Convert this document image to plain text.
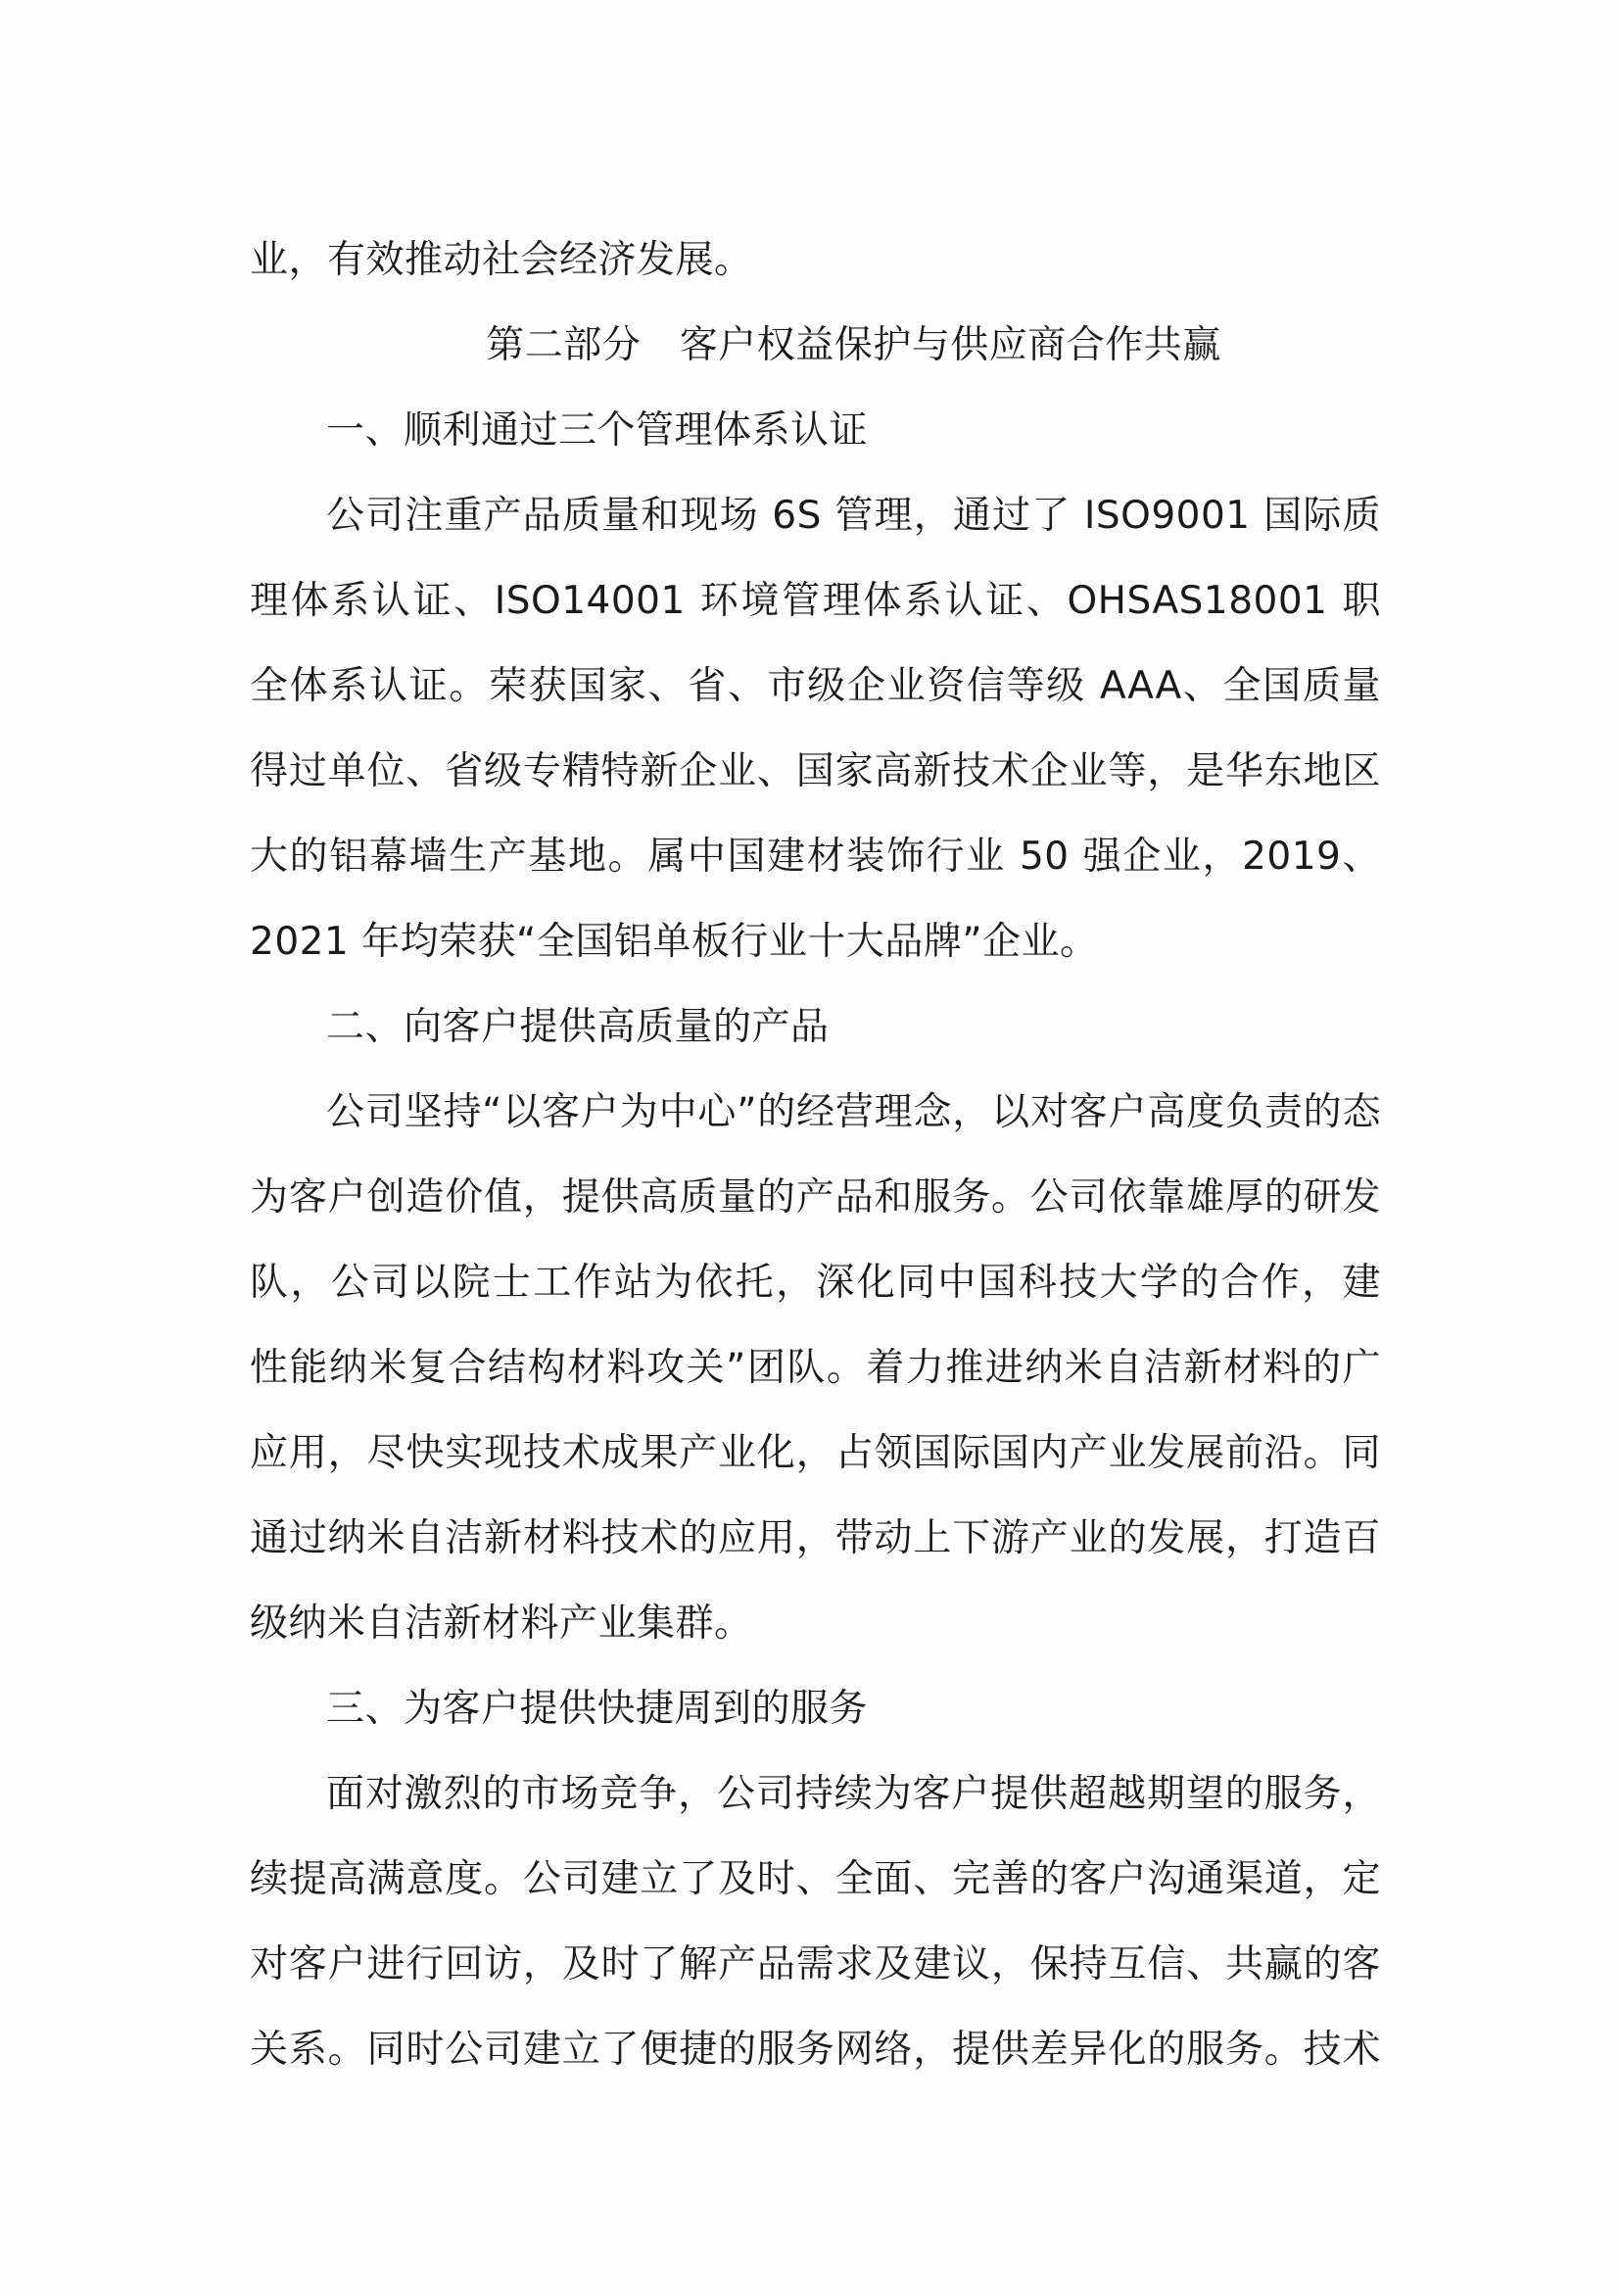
业，有效推动社会经济发展。
第二部分　客户权益保护与供应商合作共赢
一、顺利通过三个管理体系认证
公司注重产品质量和现场 6S 管理，通过了 ISO9001 国际质
理体系认证、ISO14001 环境管理体系认证、OHSAS18001 职
全体系认证。荣获国家、省、市级企业资信等级 AAA、全国质量
得过单位、省级专精特新企业、国家高新技术企业等，是华东地区
大的铝幕墙生产基地。属中国建材装饰行业 50 强企业，2019、
2021 年均荣获“全国铝单板行业十大品牌”企业。
二、向客户提供高质量的产品
公司坚持“以客户为中心”的经营理念，以对客户高度负责的态
为客户创造价值，提供高质量的产品和服务。公司依靠雄厚的研发
队，公司以院士工作站为依托，深化同中国科技大学的合作，建
性能纳米复合结构材料攻关”团队。着力推进纳米自洁新材料的广
应用，尽快实现技术成果产业化，占领国际国内产业发展前沿。同
通过纳米自洁新材料技术的应用，带动上下游产业的发展，打造百
级纳米自洁新材料产业集群。
三、为客户提供快捷周到的服务
面对激烈的市场竞争，公司持续为客户提供超越期望的服务，
续提高满意度。公司建立了及时、全面、完善的客户沟通渠道，定
对客户进行回访，及时了解产品需求及建议，保持互信、共赢的客
关系。同时公司建立了便捷的服务网络，提供差异化的服务。技术
